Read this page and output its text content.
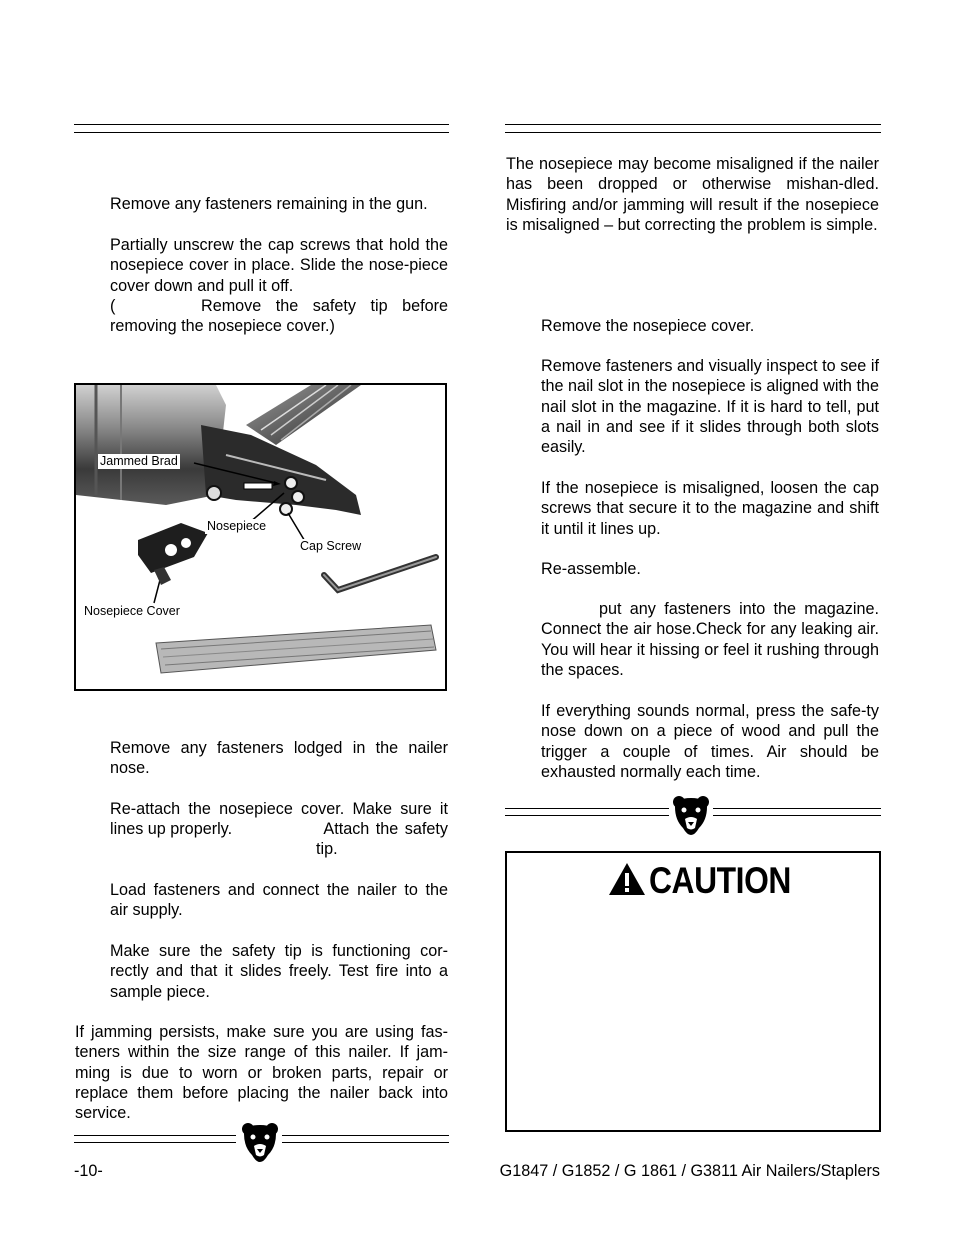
Remove any fasteners remaining in the gun.
Partially unscrew the cap screws that hold the nosepiece cover in place. Slide the nose-piece cover down and pull it off.
(	Remove the safety tip before removing the nosepiece cover.)
Jammed Brad
Nosepiece
Cap Screw
Nosepiece Cover
Remove any fasteners lodged in the nailer nose.
Re-attach the nosepiece cover. Make sure it lines up properly.	Attach the safety tip.
Load fasteners and connect the nailer to the air supply.
Make sure the safety tip is functioning cor-rectly and that it slides freely. Test fire into a sample piece.
If jamming persists, make sure you are using fas-teners within the size range of this nailer. If jam-ming is due to worn or broken parts, repair or replace them before placing the nailer back into service.
The nosepiece may become misaligned if the nailer has been dropped or otherwise mishan-dled. Misfiring and/or jamming will result if the nosepiece is misaligned – but correcting the problem is simple.
Remove the nosepiece cover.
Remove fasteners and visually inspect to see if the nail slot in the nosepiece is aligned with the nail slot in the magazine. If it is hard to tell, put a nail in and see if it slides through both slots easily.
If the nosepiece is misaligned, loosen the cap screws that secure it to the magazine and shift it until it lines up.
Re-assemble.
put any fasteners into the magazine. Connect the air hose.Check for any leaking air. You will hear it hissing or feel it rushing through the spaces.
If everything sounds normal, press the safe-ty nose down on a piece of wood and pull the trigger a couple of times. Air should be exhausted normally each time.
CAUTION
-10-	G1847 / G1852 / G 1861 / G3811 Air Nailers/Staplers
